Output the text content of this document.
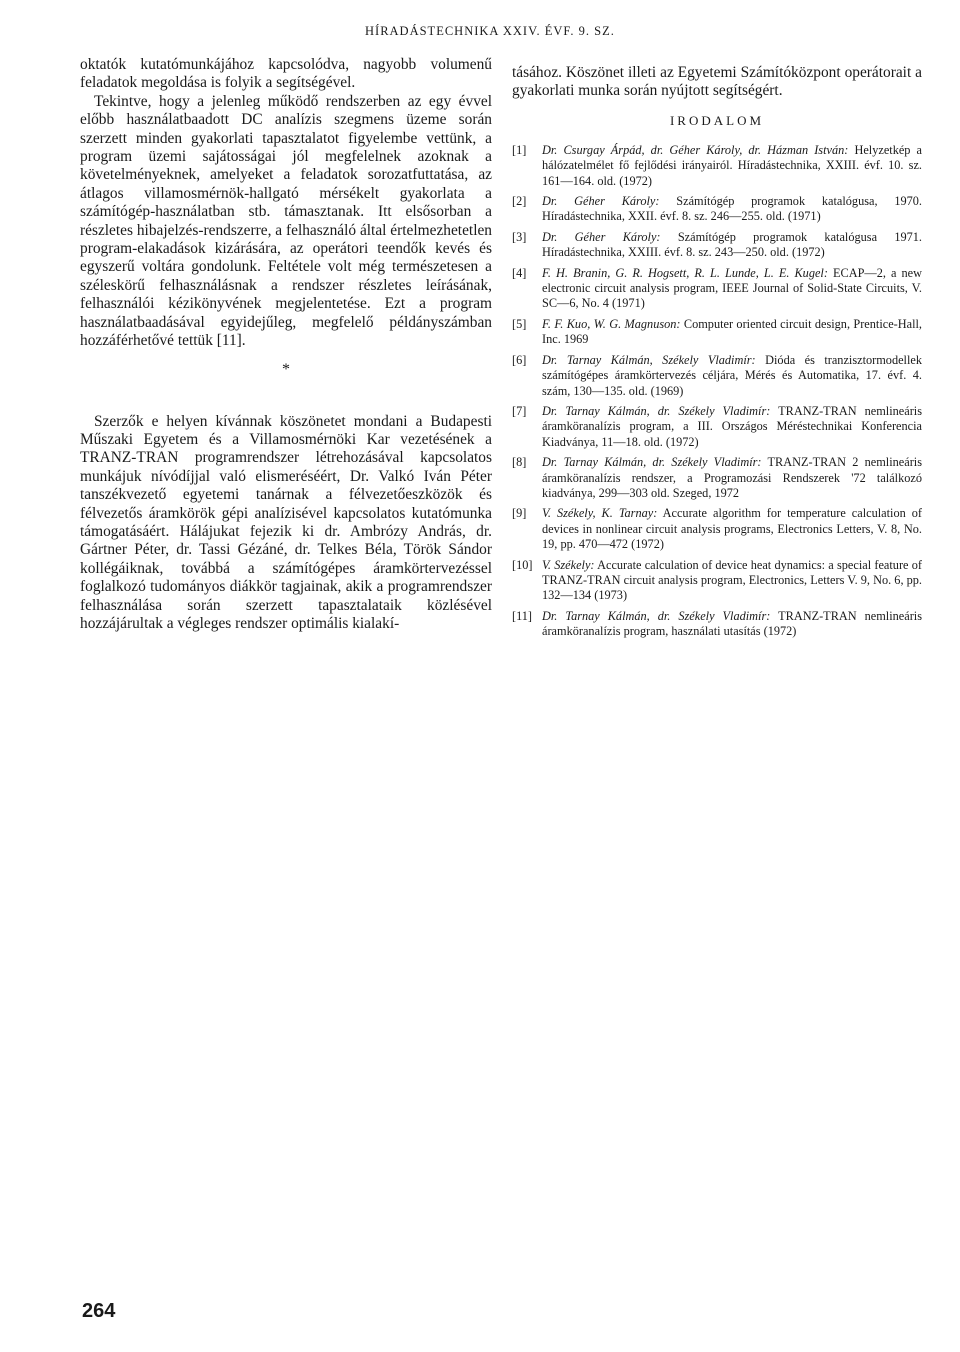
HÍRADÁSTECHNIKA XXIV. ÉVF. 9. SZ.

oktatók kutatómunkájához kapcsolódva, nagyobb volumenű feladatok megoldása is folyik a segítségével.

Tekintve, hogy a jelenleg működő rendszerben az egy évvel előbb használatbaadott DC analízis szegmens üzeme során szerzett minden gyakorlati tapasztalatot figyelembe vettünk, a program üzemi sajátosságai jól megfelelnek azoknak a követelményeknek, amelyeket a feladatok sorozatfuttatása, az átlagos villamosmérnök-hallgató mérsékelt gyakorlata a számítógép-használatban stb. támasztanak. Itt elsősorban a részletes hibajelzés-rendszerre, a felhasználó által értelmezhetetlen program-elakadások kizárására, az operátori teendők kevés és egyszerű voltára gondolunk. Feltétele volt még természetesen a széleskörű felhasználásnak a rendszer részletes leírásának, felhasználói kézikönyvének megjelentetése. Ezt a program használatbaadásával egyidejűleg, megfelelő példányszámban hozzáférhetővé tettük [11].

*

Szerzők e helyen kívánnak köszönetet mondani a Budapesti Műszaki Egyetem és a Villamosmérnöki Kar vezetésének a TRANZ-TRAN programrendszer létrehozásával kapcsolatos munkájuk nívódíjjal való elismeréséért, Dr. Valkó Iván Péter tanszékvezető egyetemi tanárnak a félvezetőeszközök és félvezetős áramkörök gépi analízisével kapcsolatos kutatómunka támogatásáért. Hálájukat fejezik ki dr. Ambrózy András, dr. Gártner Péter, dr. Tassi Gézáné, dr. Telkes Béla, Török Sándor kollégáiknak, továbbá a számítógépes áramkörtervezéssel foglalkozó tudományos diákkör tagjainak, akik a programrendszer felhasználása során szerzett tapasztalataik közlésével hozzájárultak a végleges rendszer optimális kialakí-

tásához. Köszönet illeti az Egyetemi Számítóközpont operátorait a gyakorlati munka során nyújtott segítségért.

IRODALOM
[1]	Dr. Csurgay Árpád, dr. Géher Károly, dr. Házman István: Helyzetkép a hálózatelmélet fő fejlődési irányairól. Híradástechnika, XXIII. évf. 10. sz. 161—164. old. (1972)
[2]	Dr. Géher Károly: Számítógép programok katalógusa, 1970. Híradástechnika, XXII. évf. 8. sz. 246—255. old. (1971)
[3]	Dr. Géher Károly: Számítógép programok katalógusa 1971. Híradástechnika, XXIII. évf. 8. sz. 243—250. old. (1972)
[4]	F. H. Branin, G. R. Hogsett, R. L. Lunde, L. E. Kugel: ECAP—2, a new electronic circuit analysis program, IEEE Journal of Solid-State Circuits, V. SC—6, No. 4 (1971)
[5]	F. F. Kuo, W. G. Magnuson: Computer oriented circuit design, Prentice-Hall, Inc. 1969
[6]	Dr. Tarnay Kálmán, Székely Vladimír: Dióda és tranzisztormodellek számítógépes áramkörtervezés céljára, Mérés és Automatika, 17. évf. 4. szám, 130—135. old. (1969)
[7]	Dr. Tarnay Kálmán, dr. Székely Vladimír: TRANZ-TRAN nemlineáris áramköranalízis program, a III. Országos Méréstechnikai Konferencia Kiadványa, 11—18. old. (1972)
[8]	Dr. Tarnay Kálmán, dr. Székely Vladimír: TRANZ-TRAN 2 nemlineáris áramköranalízis rendszer, a Programozási Rendszerek '72 találkozó kiadványa, 299—303 old. Szeged, 1972
[9]	V. Székely, K. Tarnay: Accurate algorithm for temperature calculation of devices in nonlinear circuit analysis programs, Electronics Letters, V. 8, No. 19, pp. 470—472 (1972)
[10] V. Székely: Accurate calculation of device heat dynamics: a special feature of TRANZ-TRAN circuit analysis program, Electronics, Letters V. 9, No. 6, pp. 132—134 (1973)
[11] Dr. Tarnay Kálmán, dr. Székely Vladimír: TRANZ-TRAN nemlineáris áramköranalízis program, használati utasítás (1972)
264
